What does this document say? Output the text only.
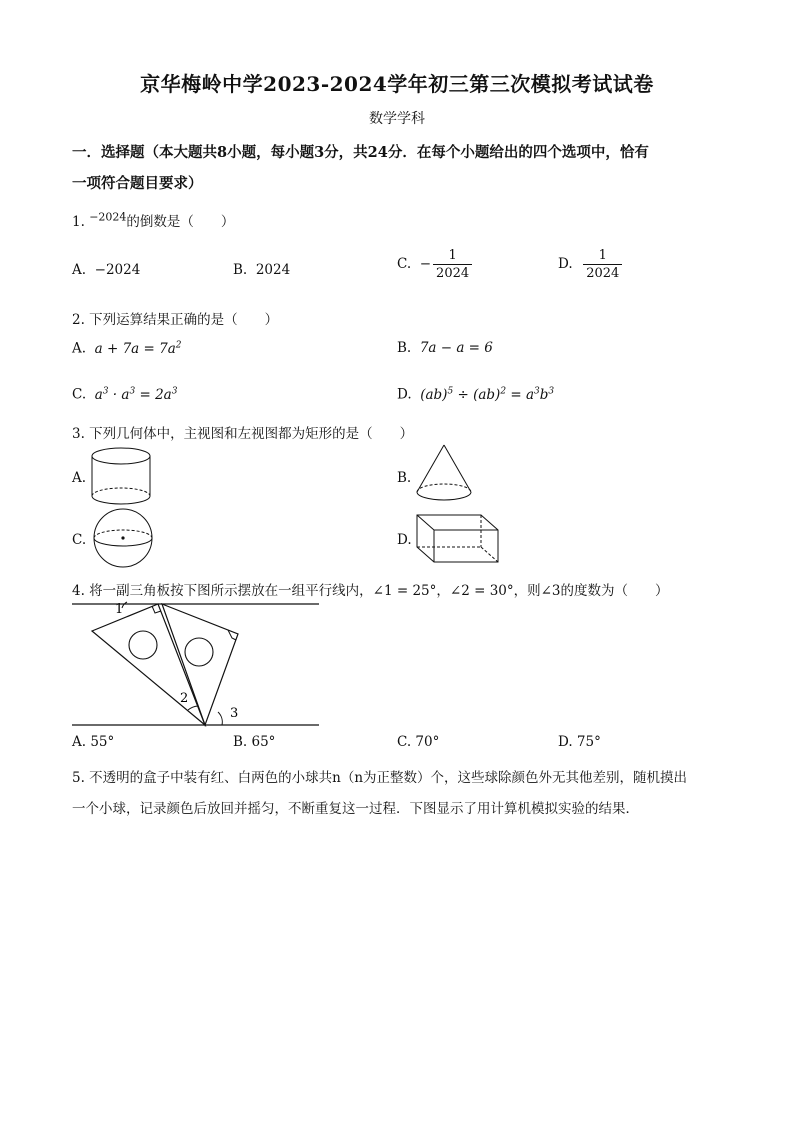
京华梅岭中学2023-2024学年初三第三次模拟考试试卷
数学学科
一．选择题（本大题共8小题，每小题3分，共24分．在每个小题给出的四个选项中，恰有
一项符合题目要求）
1. $^{-2024}$的倒数是（　　）
A. −2024	B. 2024	C. − $\frac{1}{2024}$	D. $\frac{1}{2024}$
2. 下列运算结果正确的是（　　）
A.  $a + 7a = 7a^2$	B. 7a − a = 6
C.  $a^3 \cdot a^3 = 2a^3$	D.  $(ab)^5 \div (ab)^2 = a^3b^3$
3. 下列几何体中，主视图和左视图都为矩形的是（　　）
A.	B.
C.	D.
4. 将一副三角板按下图所示摆放在一组平行线内，∠1 = 25°，∠2 = 30°，则∠3的度数为（　　）
1
2
3
A. 55°	B. 65°	C. 70°	D. 75°
5. 不透明的盒子中装有红、白两色的小球共n（n为正整数）个，这些球除颜色外无其他差别，随机摸出
一个小球，记录颜色后放回并摇匀，不断重复这一过程．下图显示了用计算机模拟实验的结果．
